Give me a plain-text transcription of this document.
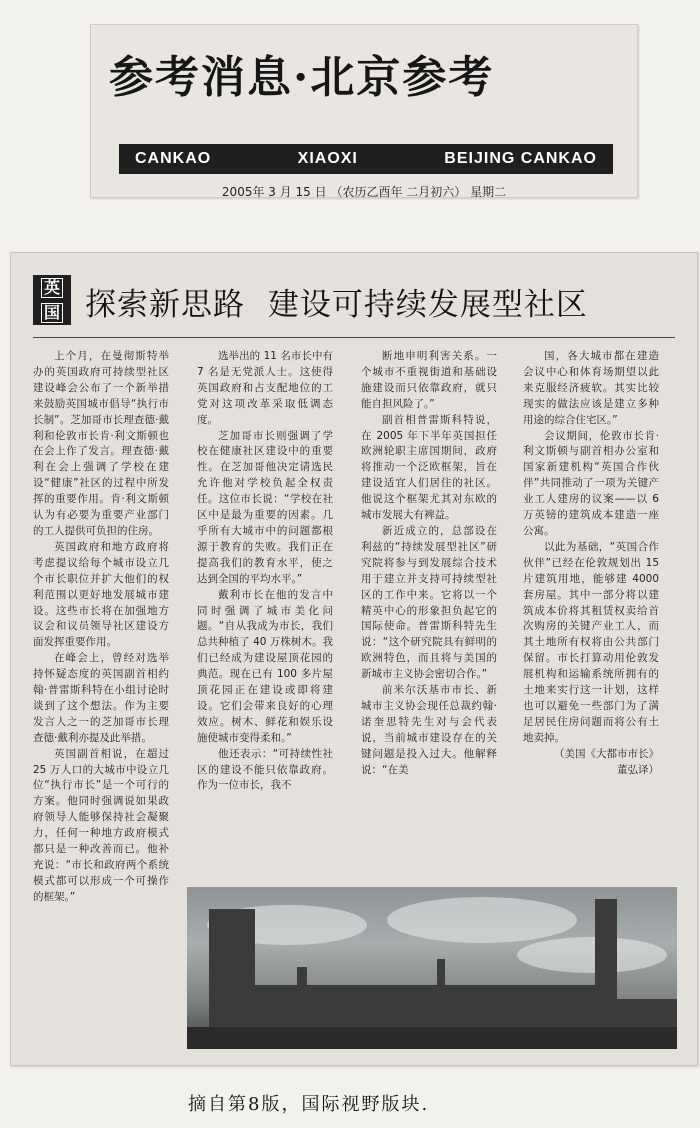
参考消息·北京参考
CANKAO	XIAOXI	BEIJING CANKAO
2005年 3 月 15 日 （农历乙酉年 二月初六） 星期二
英
国 探索新思路 建设可持续发展型社区

上个月，在曼彻斯特举办的英国政府可持续型社区建设峰会公布了一个新举措来鼓励英国城市倡导“执行市长制”。芝加哥市长理查德·戴利和伦敦市长肯·利文斯顿也在会上作了发言。理查德·戴利在会上强调了学校在建设“健康”社区的过程中所发挥的重要作用。肯·利文斯顿认为有必要为重要产业部门的工人提供可负担的住房。

英国政府和地方政府将考虑提议给每个城市设立几个市长职位并扩大他们的权利范围以更好地发展城市建设。这些市长将在加强地方议会和议员领导社区建设方面发挥重要作用。

在峰会上，曾经对选举持怀疑态度的英国副首相约翰·普雷斯科特在小组讨论时谈到了这个想法。作为主要发言人之一的芝加哥市长理查德·戴利亦提及此举措。

英国副首相说，在超过 25 万人口的大城市中设立几位“执行市长”是一个可行的方案。他同时强调说如果政府领导人能够保持社会凝聚力，任何一种地方政府模式都只是一种改善而已。他补充说：“市长和政府两个系统模式都可以形成一个可操作的框架。”

选举出的 11 名市长中有 7 名是无党派人士。这使得英国政府和占支配地位的工党对这项改革采取低调态度。

芝加哥市长则强调了学校在健康社区建设中的重要性。在芝加哥他决定请选民允许他对学校负起全权责任。这位市长说：“学校在社区中是最为重要的因素。几乎所有大城市中的问题都根源于教育的失败。我们正在提高我们的教育水平，使之达到全国的平均水平。”

戴利市长在他的发言中同时强调了城市美化问题。“自从我成为市长，我们总共种植了 40 万株树木。我们已经成为建设屋顶花园的典范。现在已有 100 多片屋顶花园正在建设或即将建设。它们会带来良好的心理效应。树木、鲜花和娱乐设施使城市变得柔和。”

他还表示：“可持续性社区的建设不能只依靠政府。作为一位市长，我不

断地申明利害关系。一个城市不重视街道和基础设施建设而只依靠政府，就只能自担风险了。”

副首相普雷斯科特说，在 2005 年下半年英国担任欧洲轮职主席国期间，政府将推动一个泛欧框架，旨在建设适宜人们居住的社区。他说这个框架尤其对东欧的城市发展大有裨益。

新近成立的，总部设在利兹的“持续发展型社区”研究院将参与到发展综合技术用于建立并支持可持续型社区的工作中来。它将以一个精英中心的形象担负起它的国际使命。普雷斯科特先生说：“这个研究院具有鲜明的欧洲特色，而且将与美国的新城市主义协会密切合作。”

前米尔沃基市市长、新城市主义协会现任总裁约翰·诺奎思特先生对与会代表说，当前城市建设存在的关键问题是投入过大。他解释说：“在美

国，各大城市都在建造会议中心和体育场期望以此来克服经济疲软。其实比较现实的做法应该是建立多种用途的综合住宅区。”

会议期间，伦敦市长肯·利文斯顿与副首相办公室和国家新建机构“英国合作伙伴”共同推动了一项为关键产业工人建房的议案——以 6 万英镑的建筑成本建造一座公寓。

以此为基础，“英国合作伙伴”已经在伦敦规划出 15 片建筑用地，能够建 4000 套房屋。其中一部分将以建筑成本价将其租赁权卖给首次购房的关键产业工人，而其土地所有权将由公共部门保留。市长打算动用伦敦发展机构和运输系统所拥有的土地来实行这一计划，这样也可以避免一些部门为了满足居民住房问题而将公有土地卖掉。

（美国《大都市市长》董弘译）

摘自第8版，国际视野版块.
